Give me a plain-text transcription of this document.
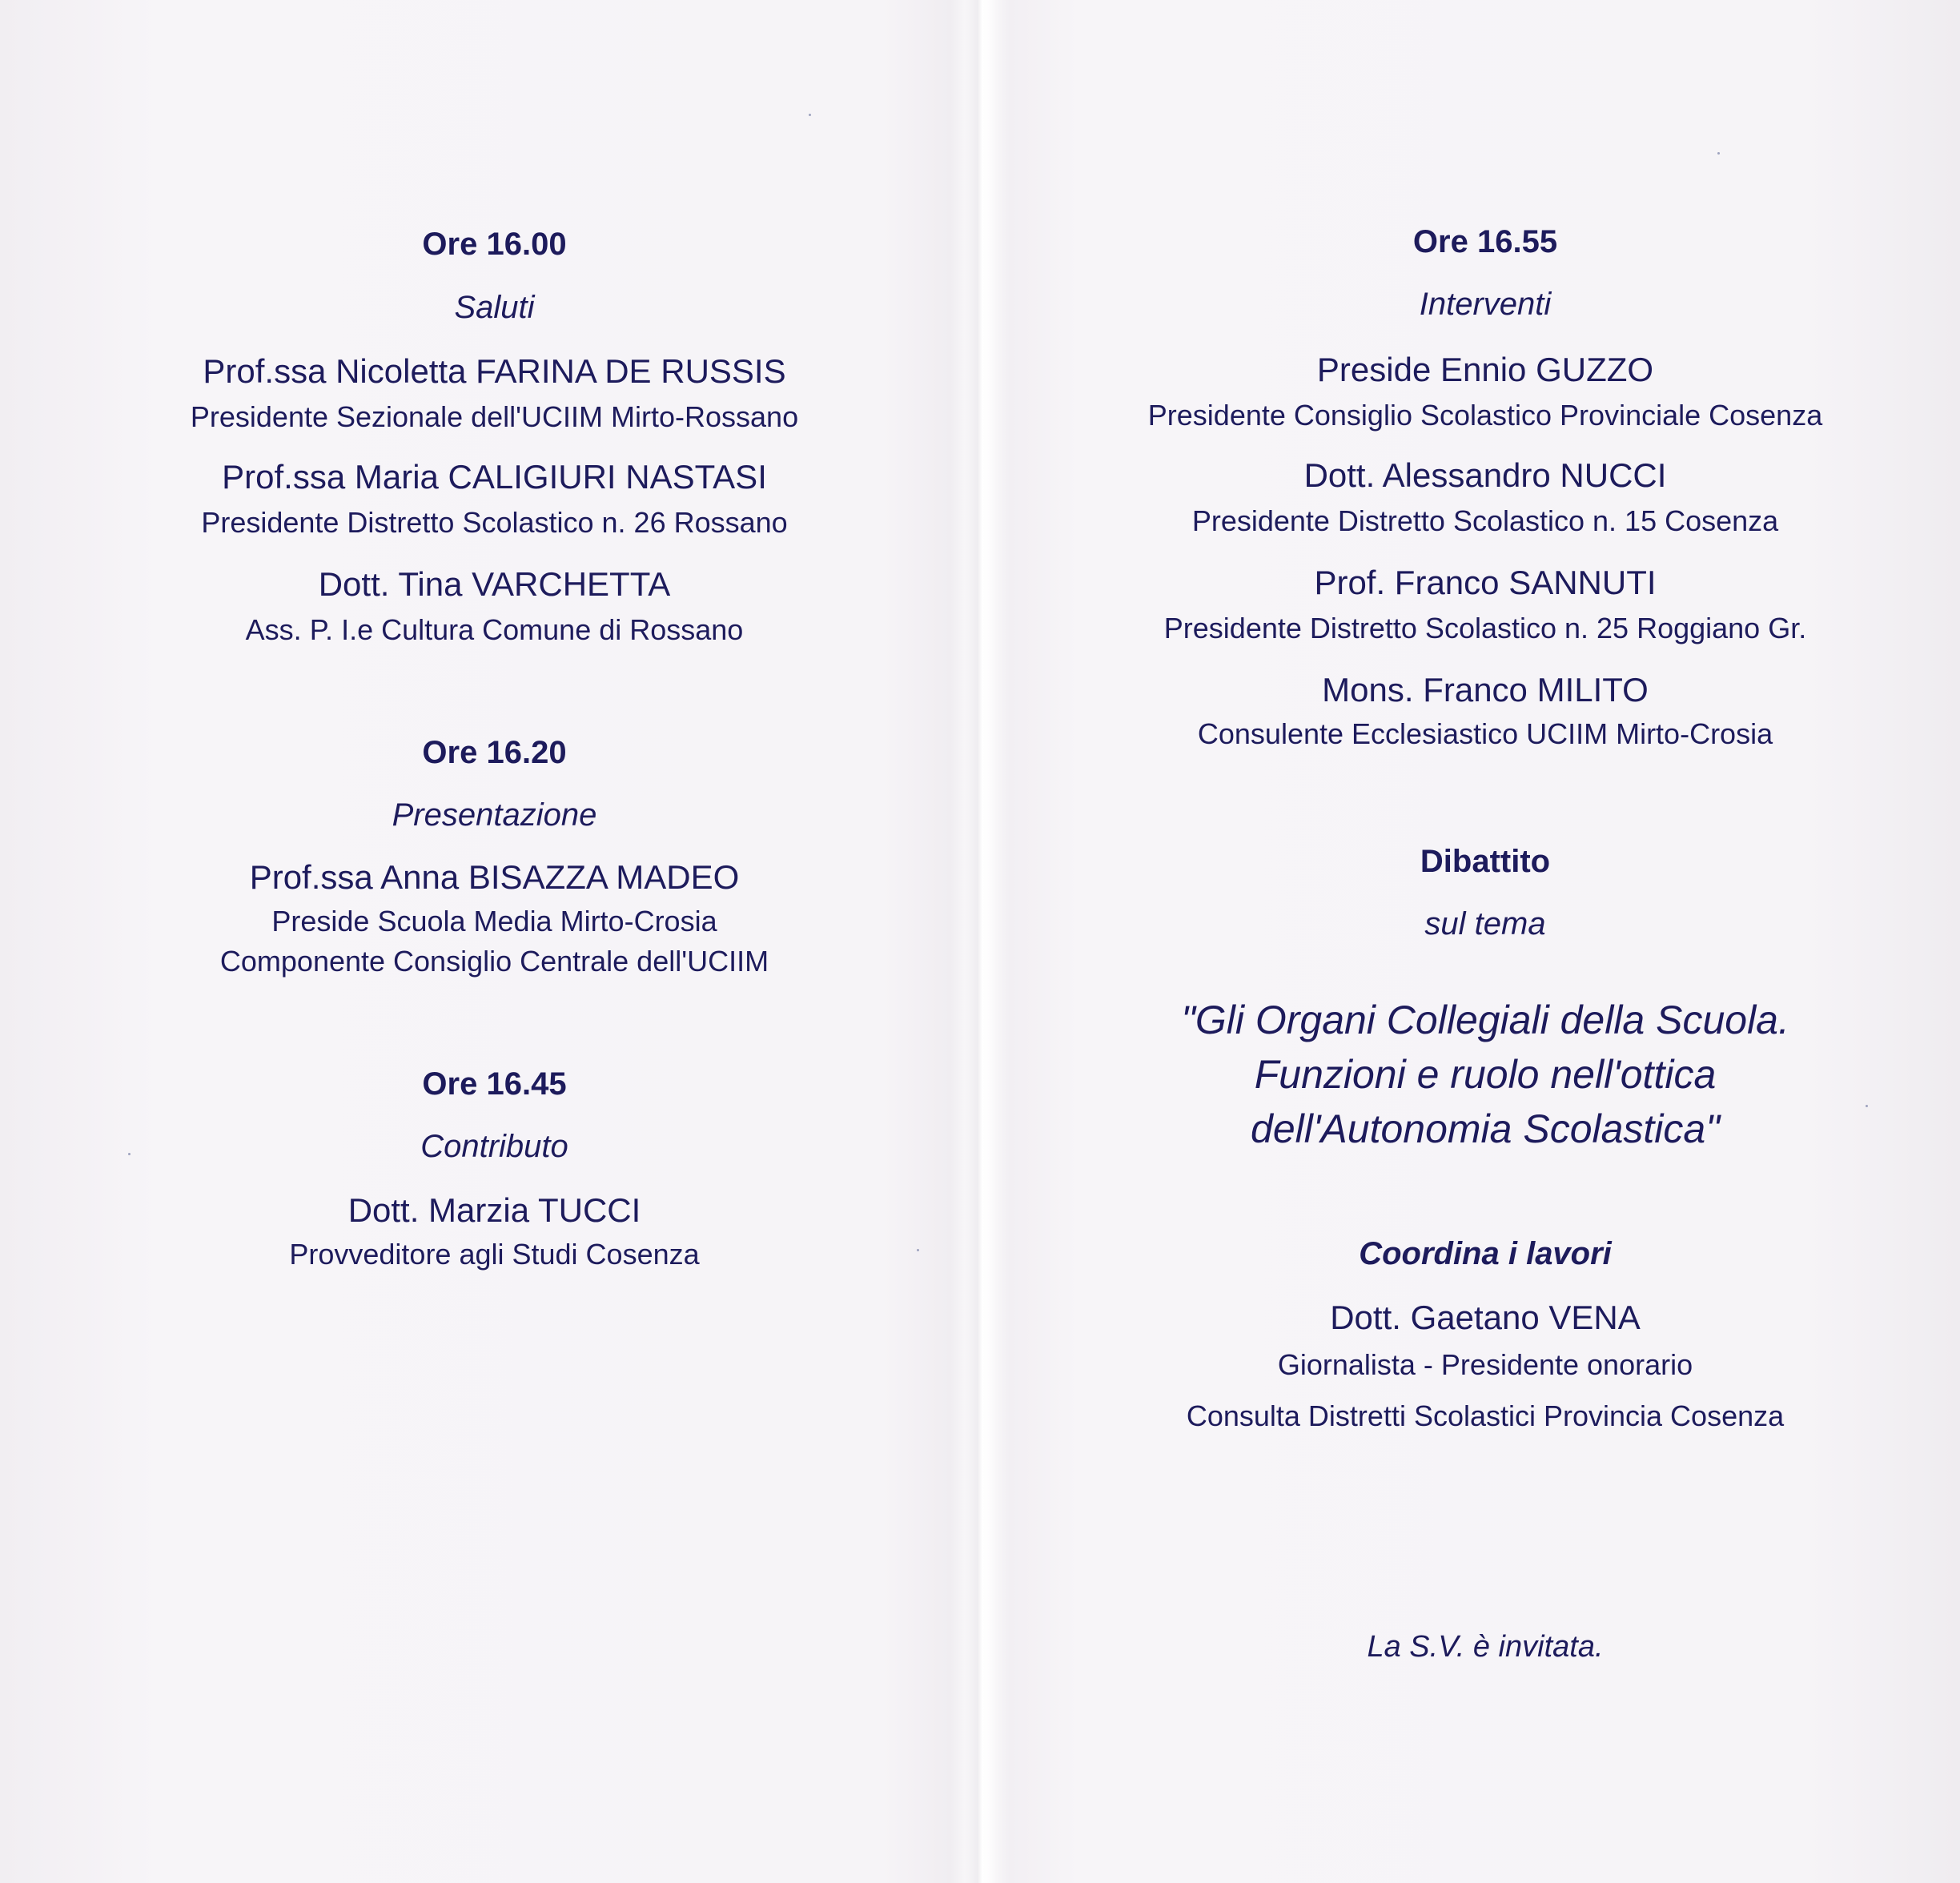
Ore 16.00
Saluti
Prof.ssa Nicoletta FARINA DE RUSSIS
Presidente Sezionale dell'UCIIM Mirto-Rossano
Prof.ssa Maria CALIGIURI NASTASI
Presidente Distretto Scolastico n. 26 Rossano
Dott. Tina VARCHETTA
Ass. P. I.e Cultura Comune di Rossano
Ore 16.20
Presentazione
Prof.ssa Anna BISAZZA MADEO
Preside Scuola Media Mirto-Crosia
Componente Consiglio Centrale dell'UCIIM
Ore 16.45
Contributo
Dott. Marzia TUCCI
Provveditore agli Studi Cosenza
Ore 16.55
Interventi
Preside Ennio GUZZO
Presidente Consiglio Scolastico Provinciale Cosenza
Dott. Alessandro NUCCI
Presidente Distretto Scolastico n. 15 Cosenza
Prof. Franco SANNUTI
Presidente Distretto Scolastico n. 25 Roggiano Gr.
Mons. Franco MILITO
Consulente Ecclesiastico UCIIM Mirto-Crosia
Dibattito
sul tema
"Gli Organi Collegiali della Scuola.
Funzioni e ruolo nell'ottica
dell'Autonomia Scolastica"
Coordina i lavori
Dott. Gaetano VENA
Giornalista - Presidente onorario
Consulta Distretti Scolastici Provincia Cosenza
La S.V. è invitata.
